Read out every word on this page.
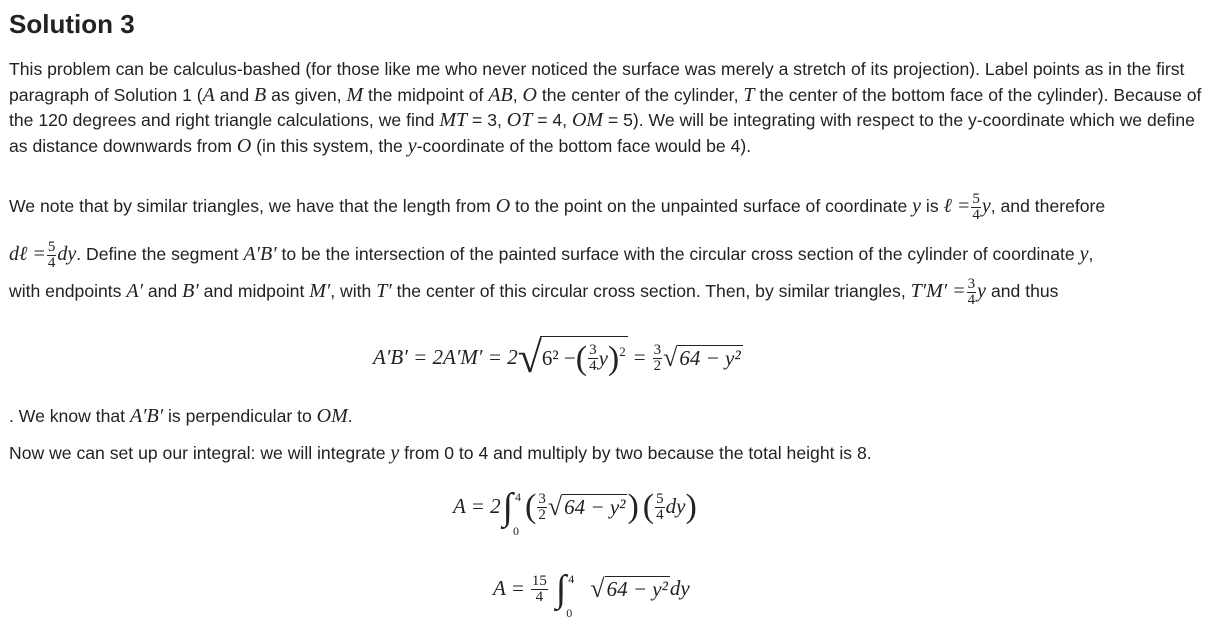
Solution 3

This problem can be calculus-bashed (for those like me who never noticed the surface was merely a stretch of its projection). Label points as in the first paragraph of Solution 1 (A and B as given, M the midpoint of AB, O the center of the cylinder, T the center of the bottom face of the cylinder). Because of the 120 degrees and right triangle calculations, we find MT = 3, OT = 4, OM = 5). We will be integrating with respect to the y-coordinate which we define as distance downwards from O (in this system, the y-coordinate of the bottom face would be 4).

We note that by similar triangles, we have that the length from O to the point on the unpainted surface of coordinate y is ℓ = $\frac{5}{4} y$, and therefore
dℓ = $\frac{5}{4}$ dy. Define the segment A′B′ to be the intersection of the painted surface with the circular cross section of the cylinder of coordinate y,

with endpoints A′ and B′ and midpoint M′, with T′ the center of this circular cross section. Then, by similar triangles, $T'M' = \frac{3}{4}$ y and thus

A′B′ = 2A′M′ = 2 √ 6² − ( $\frac{3}{4}$ y )$^2 = \frac{3}{2}$ √ 64 − y²

. We know that A′B′ is perpendicular to OM.

Now we can set up our integral: we will integrate y from 0 to 4 and multiply by two because the total height is 8.

A = 2 ∫ 4
0
( $\frac{3}{2}$ √ 64 − y² ) ( $\frac{5}{4}$ dy )
$A = \frac{15}{4}$ ∫ 4
0
√ 64 − y² dy
